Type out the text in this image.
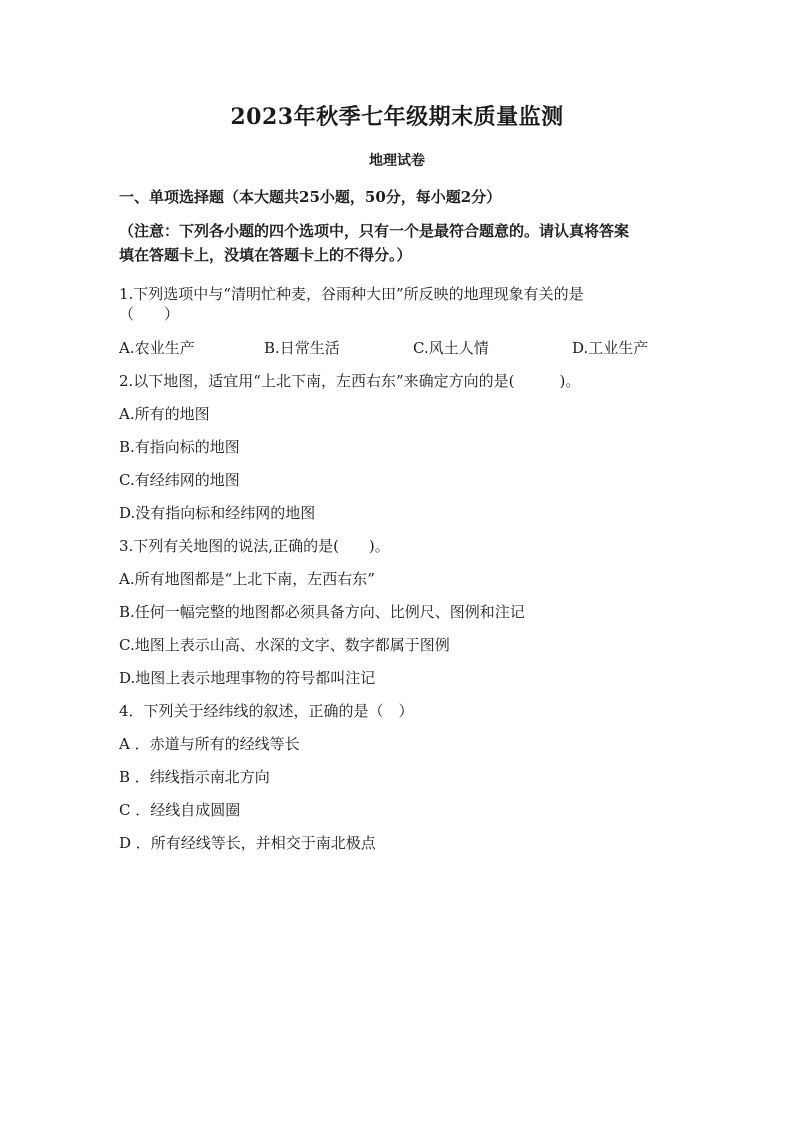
2023年秋季七年级期末质量监测
地理试卷
一、单项选择题（本大题共25小题，50分，每小题2分）
（注意：下列各小题的四个选项中，只有一个是最符合题意的。请认真将答案
填在答题卡上，没填在答题卡上的不得分。）
1.下列选项中与“清明忙种麦，谷雨种大田”所反映的地理现象有关的是
（　　）
A.农业生产	B.日常生活	C.风土人情	D.工业生产
2.以下地图，适宜用“上北下南，左西右东”来确定方向的是(　　　)。
A.所有的地图
B.有指向标的地图
C.有经纬网的地图
D.没有指向标和经纬网的地图
3.下列有关地图的说法,正确的是(　　)。
A.所有地图都是“上北下南，左西右东”
B.任何一幅完整的地图都必须具备方向、比例尺、图例和注记
C.地图上表示山高、水深的文字、数字都属于图例
D.地图上表示地理事物的符号都叫注记
4．下列关于经纬线的叙述，正确的是（　）
A ．赤道与所有的经线等长
B ．纬线指示南北方向
C ．经线自成圆圈
D ．所有经线等长，并相交于南北极点
